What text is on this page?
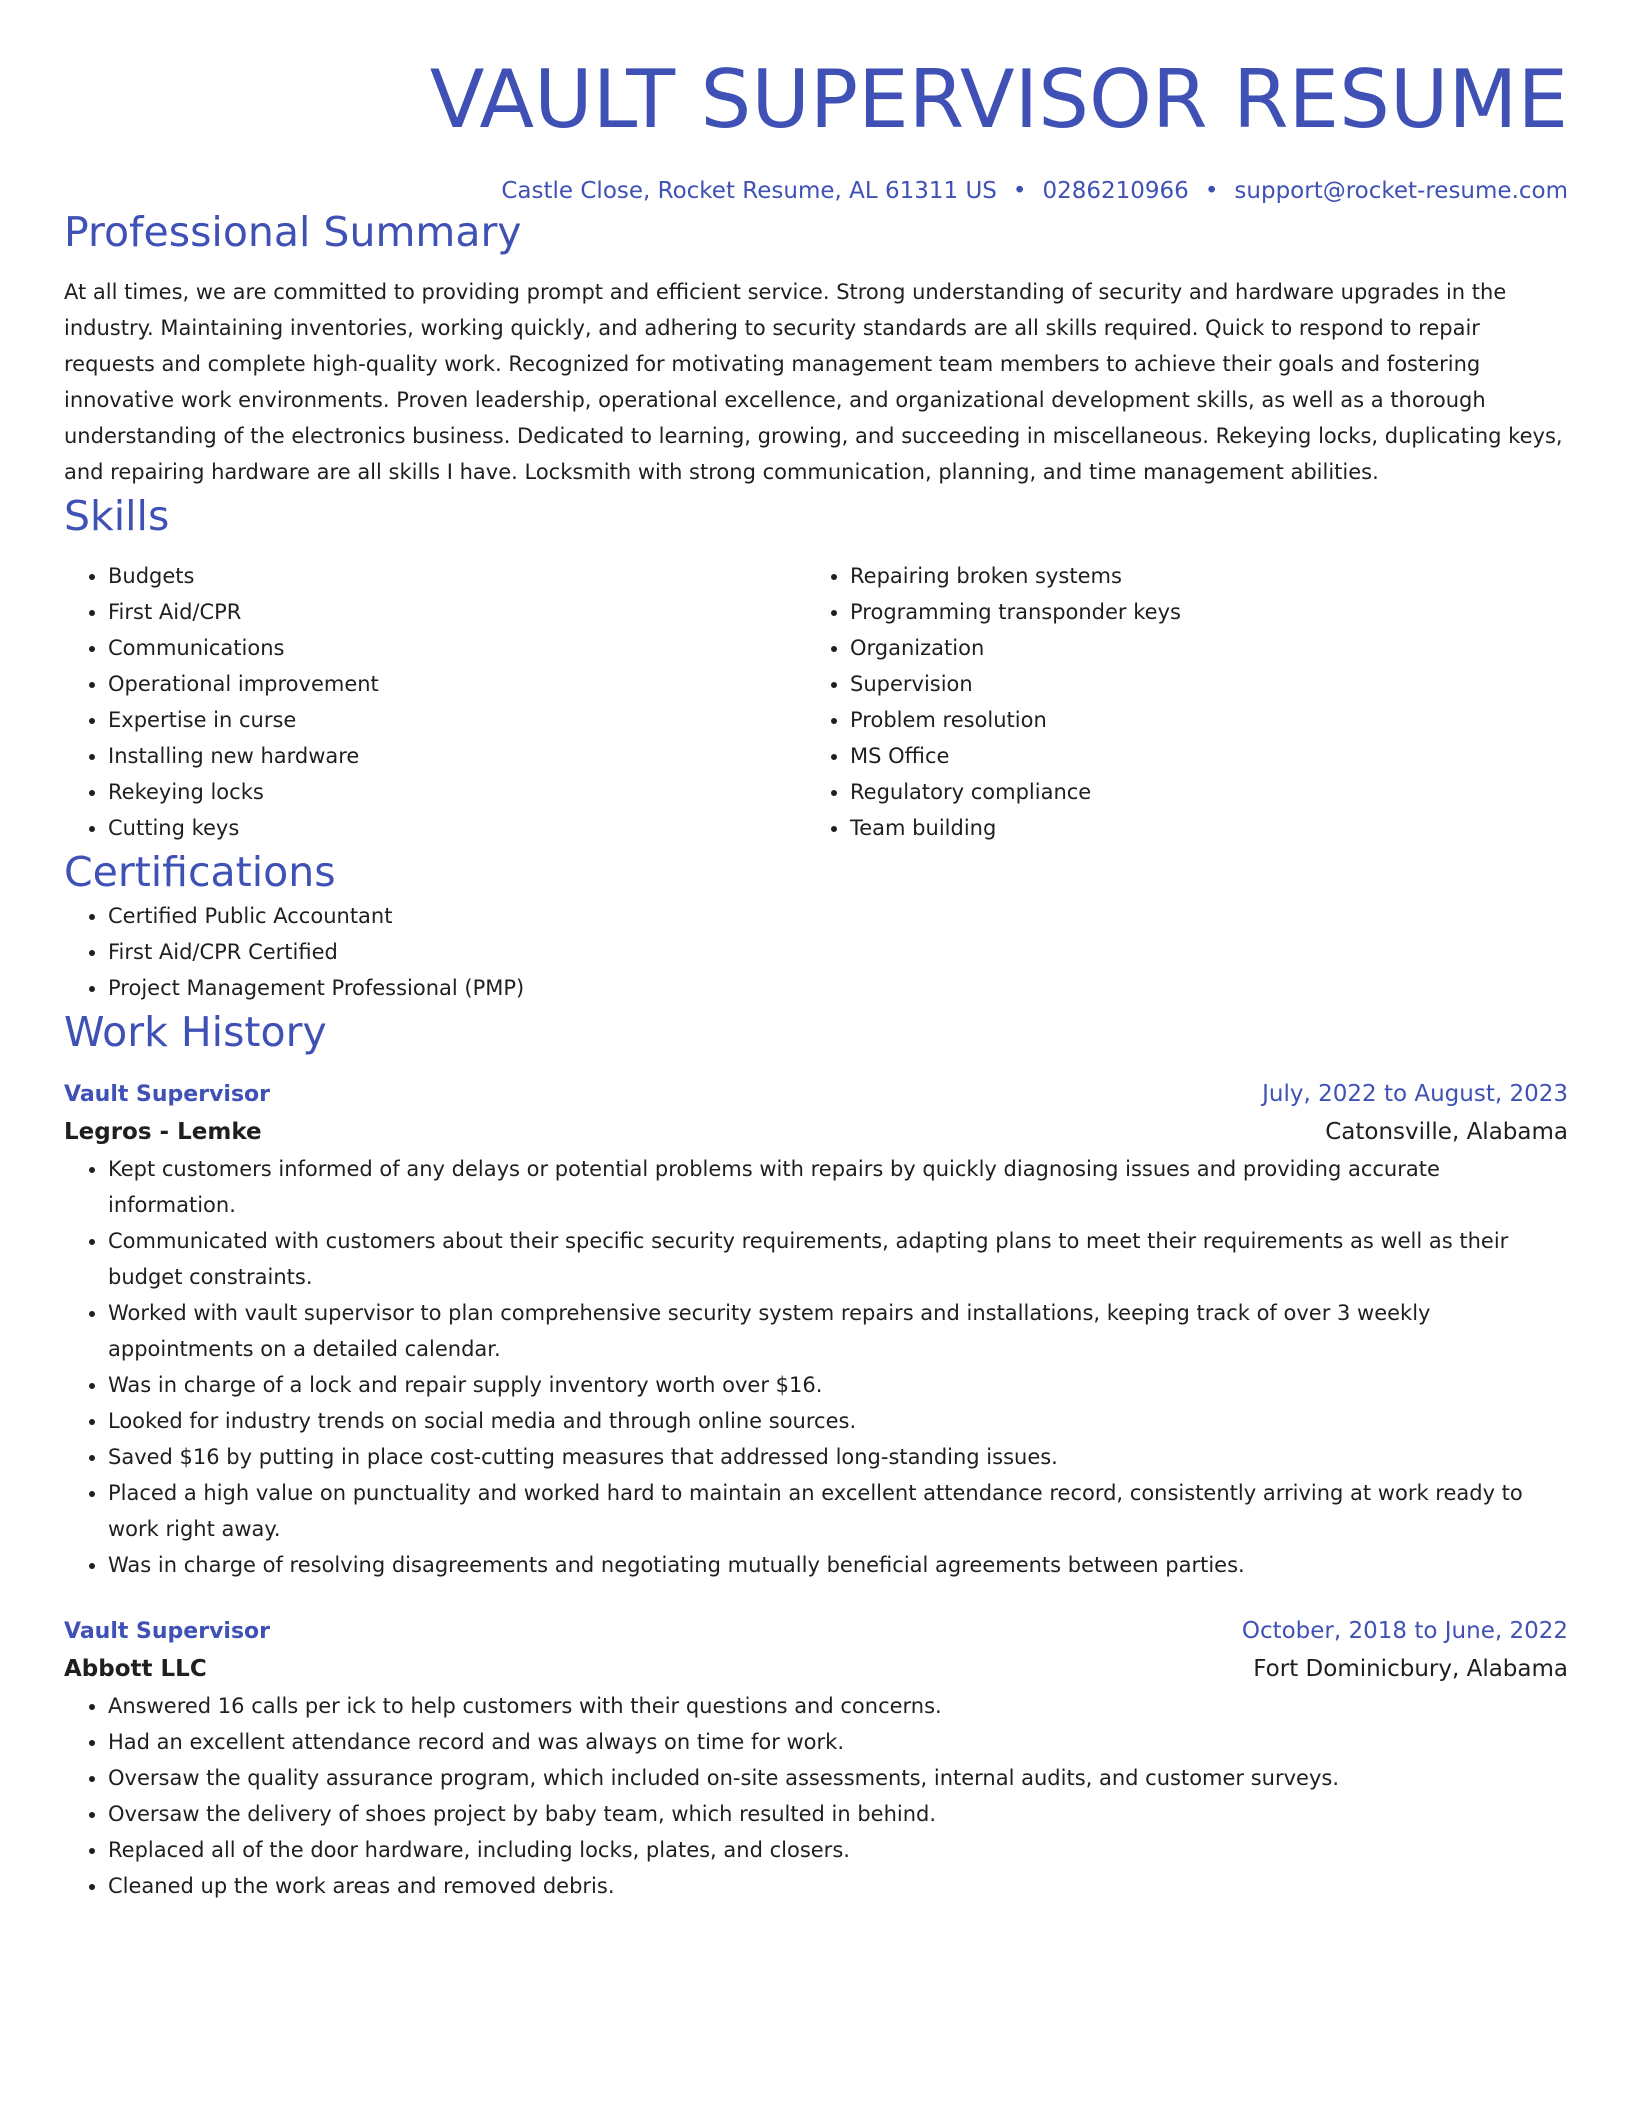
VAULT SUPERVISOR RESUME
Castle Close, Rocket Resume, AL 61311 US • 0286210966 • support@rocket-resume.com
Professional Summary
At all times, we are committed to providing prompt and efficient service. Strong understanding of security and hardware upgrades in the industry. Maintaining inventories, working quickly, and adhering to security standards are all skills required. Quick to respond to repair requests and complete high-quality work. Recognized for motivating management team members to achieve their goals and fostering innovative work environments. Proven leadership, operational excellence, and organizational development skills, as well as a thorough understanding of the electronics business. Dedicated to learning, growing, and succeeding in miscellaneous. Rekeying locks, duplicating keys, and repairing hardware are all skills I have. Locksmith with strong communication, planning, and time management abilities.
Skills
• Budgets
• First Aid/CPR
• Communications
• Operational improvement
• Expertise in curse
• Installing new hardware
• Rekeying locks
• Cutting keys
• Repairing broken systems
• Programming transponder keys
• Organization
• Supervision
• Problem resolution
• MS Office
• Regulatory compliance
• Team building
Certifications
• Certified Public Accountant
• First Aid/CPR Certified
• Project Management Professional (PMP)
Work History
Vault Supervisor	July, 2022 to August, 2023
Legros - Lemke	Catonsville, Alabama
• Kept customers informed of any delays or potential problems with repairs by quickly diagnosing issues and providing accurate information.
• Communicated with customers about their specific security requirements, adapting plans to meet their requirements as well as their budget constraints.
• Worked with vault supervisor to plan comprehensive security system repairs and installations, keeping track of over 3 weekly appointments on a detailed calendar.
• Was in charge of a lock and repair supply inventory worth over $16.
• Looked for industry trends on social media and through online sources.
• Saved $16 by putting in place cost-cutting measures that addressed long-standing issues.
• Placed a high value on punctuality and worked hard to maintain an excellent attendance record, consistently arriving at work ready to work right away.
• Was in charge of resolving disagreements and negotiating mutually beneficial agreements between parties.
Vault Supervisor	October, 2018 to June, 2022
Abbott LLC	Fort Dominicbury, Alabama
• Answered 16 calls per ick to help customers with their questions and concerns.
• Had an excellent attendance record and was always on time for work.
• Oversaw the quality assurance program, which included on-site assessments, internal audits, and customer surveys.
• Oversaw the delivery of shoes project by baby team, which resulted in behind.
• Replaced all of the door hardware, including locks, plates, and closers.
• Cleaned up the work areas and removed debris.
